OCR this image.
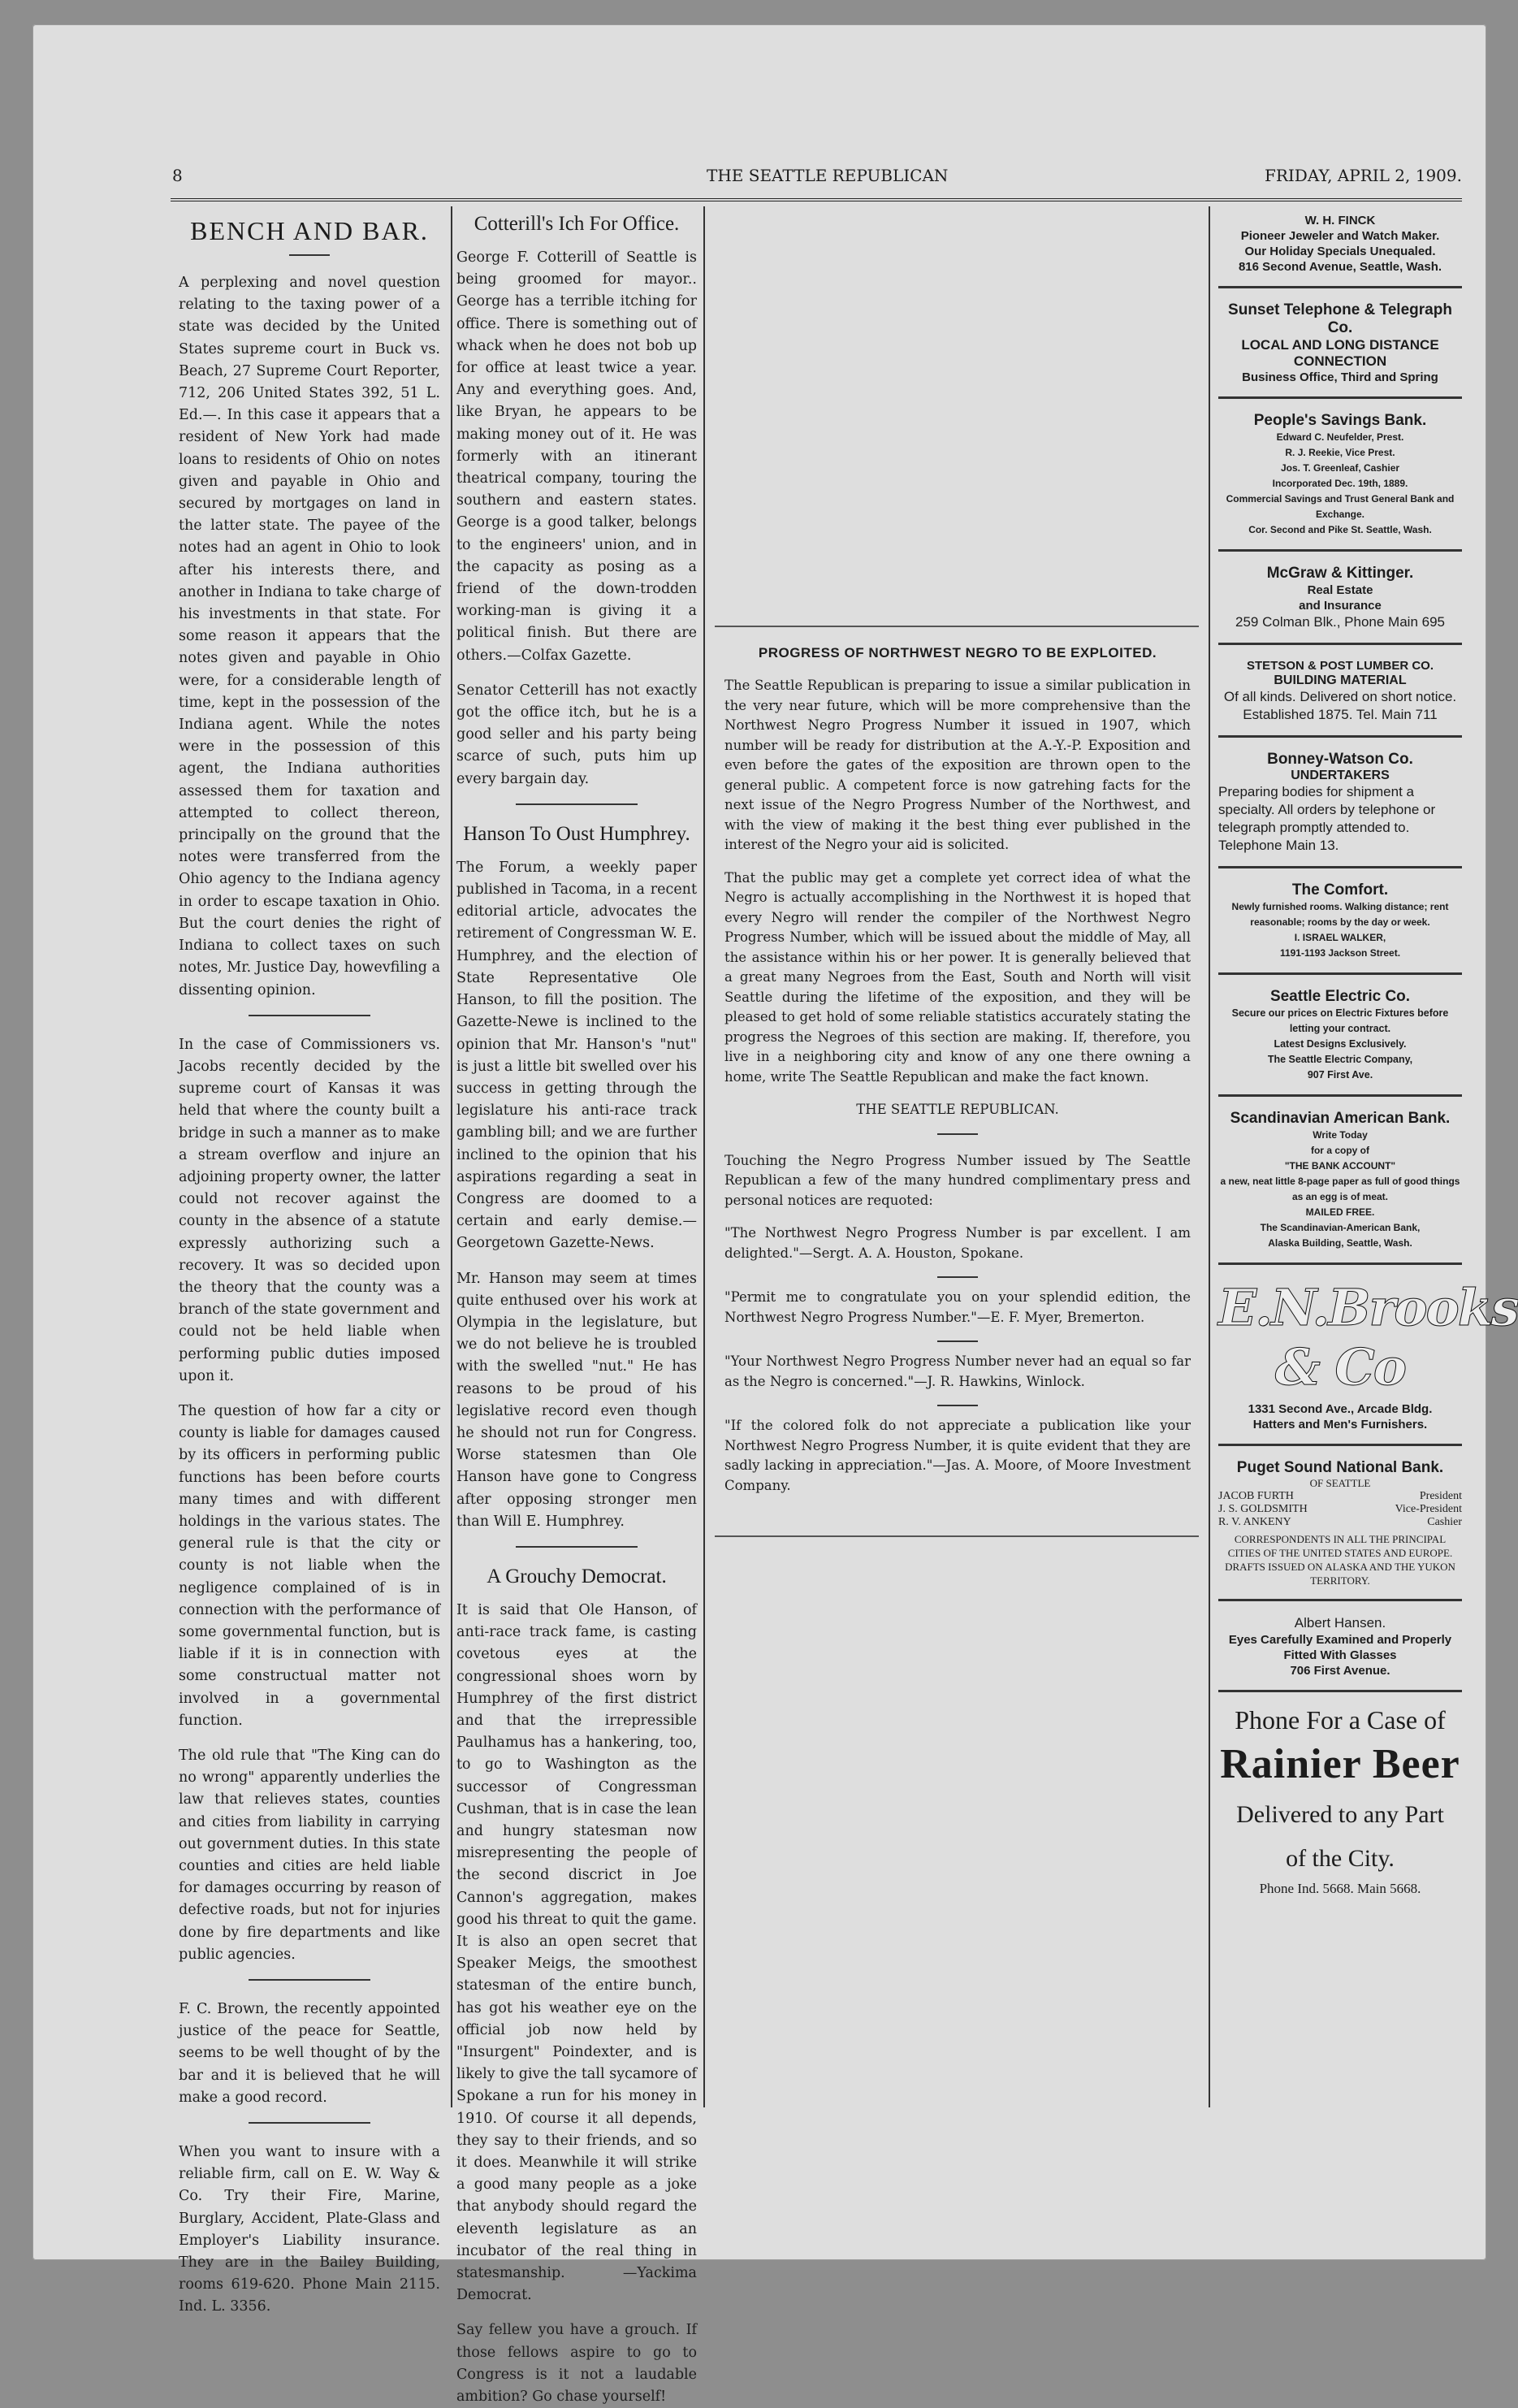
8	THE SEATTLE REPUBLICAN	FRIDAY, APRIL 2, 1909.
BENCH AND BAR.

A perplexing and novel question relating to the taxing power of a state was decided by the United States supreme court in Buck vs. Beach, 27 Supreme Court Reporter, 712, 206 United States 392, 51 L. Ed.—. In this case it appears that a resident of New York had made loans to residents of Ohio on notes given and payable in Ohio and secured by mortgages on land in the latter state. The payee of the notes had an agent in Ohio to look after his interests there, and another in Indiana to take charge of his investments in that state. For some reason it appears that the notes given and payable in Ohio were, for a considerable length of time, kept in the possession of the Indiana agent. While the notes were in the possession of this agent, the Indiana authorities assessed them for taxation and attempted to collect thereon, principally on the ground that the notes were transferred from the Ohio agency to the Indiana agency in order to escape taxation in Ohio. But the court denies the right of Indiana to collect taxes on such notes, Mr. Justice Day, howevfiling a dissenting opinion.

In the case of Commissioners vs. Jacobs recently decided by the supreme court of Kansas it was held that where the county built a bridge in such a manner as to make a stream overflow and injure an adjoining property owner, the latter could not recover against the county in the absence of a statute expressly authorizing such a recovery. It was so decided upon the theory that the county was a branch of the state government and could not be held liable when performing public duties imposed upon it.

The question of how far a city or county is liable for damages caused by its officers in performing public functions has been before courts many times and with different holdings in the various states. The general rule is that the city or county is not liable when the negligence complained of is in connection with the performance of some governmental function, but is liable if it is in connection with some constructual matter not involved in a governmental function.

The old rule that "The King can do no wrong" apparently underlies the law that relieves states, counties and cities from liability in carrying out government duties. In this state counties and cities are held liable for damages occurring by reason of defective roads, but not for injuries done by fire departments and like public agencies.

F. C. Brown, the recently appointed justice of the peace for Seattle, seems to be well thought of by the bar and it is believed that he will make a good record.

When you want to insure with a reliable firm, call on E. W. Way & Co. Try their Fire, Marine, Burglary, Accident, Plate-Glass and Employer's Liability insurance. They are in the Bailey Building, rooms 619-620. Phone Main 2115. Ind. L. 3356.

Cotterill's Ich For Office.

George F. Cotterill of Seattle is being groomed for mayor.. George has a terrible itching for office. There is something out of whack when he does not bob up for office at least twice a year. Any and everything goes. And, like Bryan, he appears to be making money out of it. He was formerly with an itinerant theatrical company, touring the southern and eastern states. George is a good talker, belongs to the engineers' union, and in the capacity as posing as a friend of the down-trodden working-man is giving it a political finish. But there are others.—Colfax Gazette.

Senator Cetterill has not exactly got the office itch, but he is a good seller and his party being scarce of such, puts him up every bargain day.

Hanson To Oust Humphrey.

The Forum, a weekly paper published in Tacoma, in a recent editorial article, advocates the retirement of Congressman W. E. Humphrey, and the election of State Representative Ole Hanson, to fill the position. The Gazette-Newe is inclined to the opinion that Mr. Hanson's "nut" is just a little bit swelled over his success in getting through the legislature his anti-race track gambling bill; and we are further inclined to the opinion that his aspirations regarding a seat in Congress are doomed to a certain and early demise.—Georgetown Gazette-News.

Mr. Hanson may seem at times quite enthused over his work at Olympia in the legislature, but we do not believe he is troubled with the swelled "nut." He has reasons to be proud of his legislative record even though he should not run for Congress. Worse statesmen than Ole Hanson have gone to Congress after opposing stronger men than Will E. Humphrey.

A Grouchy Democrat.

It is said that Ole Hanson, of anti-race track fame, is casting covetous eyes at the congressional shoes worn by Humphrey of the first district and that the irrepressible Paulhamus has a hankering, too, to go to Washington as the successor of Congressman Cushman, that is in case the lean and hungry statesman now misrepresenting the people of the second discrict in Joe Cannon's aggregation, makes good his threat to quit the game. It is also an open secret that Speaker Meigs, the smoothest statesman of the entire bunch, has got his weather eye on the official job now held by "Insurgent" Poindexter, and is likely to give the tall sycamore of Spokane a run for his money in 1910. Of course it all depends, they say to their friends, and so it does. Meanwhile it will strike a good many people as a joke that anybody should regard the eleventh legislature as an incubator of the real thing in statesmanship. —Yackima Democrat.

Say fellew you have a grouch. If those fellows aspire to go to Congress is it not a laudable ambition? Go chase yourself!

PROGRESS OF NORTHWEST NEGRO TO BE EXPLOITED.

The Seattle Republican is preparing to issue a similar publication in the very near future, which will be more comprehensive than the Northwest Negro Progress Number it issued in 1907, which number will be ready for distribution at the A.-Y.-P. Exposition and even before the gates of the exposition are thrown open to the general public. A competent force is now gatrehing facts for the next issue of the Negro Progress Number of the Northwest, and with the view of making it the best thing ever published in the interest of the Negro your aid is solicited.

That the public may get a complete yet correct idea of what the Negro is actually accomplishing in the Northwest it is hoped that every Negro will render the compiler of the Northwest Negro Progress Number, which will be issued about the middle of May, all the assistance within his or her power. It is generally believed that a great many Negroes from the East, South and North will visit Seattle during the lifetime of the exposition, and they will be pleased to get hold of some reliable statistics accurately stating the progress the Negroes of this section are making. If, therefore, you live in a neighboring city and know of any one there owning a home, write The Seattle Republican and make the fact known.

THE SEATTLE REPUBLICAN.

Touching the Negro Progress Number issued by The Seattle Republican a few of the many hundred complimentary press and personal notices are requoted:

"The Northwest Negro Progress Number is par excellent. I am delighted."—Sergt. A. A. Houston, Spokane.

"Permit me to congratulate you on your splendid edition, the Northwest Negro Progress Number."—E. F. Myer, Bremerton.

"Your Northwest Negro Progress Number never had an equal so far as the Negro is concerned."—J. R. Hawkins, Winlock.

"If the colored folk do not appreciate a publication like your Northwest Negro Progress Number, it is quite evident that they are sadly lacking in appreciation."—Jas. A. Moore, of Moore Investment Company.

W. H. FINCK
Pioneer Jeweler and Watch Maker.
Our Holiday Specials Unequaled.
816 Second Avenue, Seattle, Wash.
Sunset Telephone & Telegraph Co.
LOCAL AND LONG DISTANCE CONNECTION
Business Office, Third and Spring
People's Savings Bank.
Edward C. Neufelder, Prest.
R. J. Reekie, Vice Prest.
Jos. T. Greenleaf, Cashier
Incorporated Dec. 19th, 1889.
Commercial Savings and Trust General Bank and Exchange.
Cor. Second and Pike St. Seattle, Wash.
McGraw & Kittinger.
Real Estate
and Insurance
259 Colman Blk., Phone Main 695
STETSON & POST LUMBER CO.
BUILDING MATERIAL
Of all kinds. Delivered on short notice.
Established 1875. Tel. Main 711
Bonney-Watson Co.
UNDERTAKERS
Preparing bodies for shipment a specialty. All orders by telephone or telegraph promptly attended to. Telephone Main 13.
The Comfort.
Newly furnished rooms. Walking distance; rent reasonable; rooms by the day or week.
I. ISRAEL WALKER,
1191-1193 Jackson Street.
Seattle Electric Co.
Secure our prices on Electric Fixtures before letting your contract.
Latest Designs Exclusively.
The Seattle Electric Company,
907 First Ave.
Scandinavian American Bank.
Write Today
for a copy of
"THE BANK ACCOUNT"
a new, neat little 8-page paper as full of good things as an egg is of meat.
MAILED FREE.
The Scandinavian-American Bank,
Alaska Building, Seattle, Wash.
E.N.Brooks & Co
1331 Second Ave., Arcade Bldg.
Hatters and Men's Furnishers.
Puget Sound National Bank.
OF SEATTLE
JACOB FURTH	President
J. S. GOLDSMITH	Vice-President
R. V. ANKENY	Cashier
CORRESPONDENTS IN ALL THE PRINCIPAL CITIES OF THE UNITED STATES AND EUROPE. DRAFTS ISSUED ON ALASKA AND THE YUKON TERRITORY.
Albert Hansen.
Eyes Carefully Examined and Properly Fitted With Glasses
706 First Avenue.
Phone For a Case of
Rainier Beer
Delivered to any Part
of the City.
Phone Ind. 5668. Main 5668.
